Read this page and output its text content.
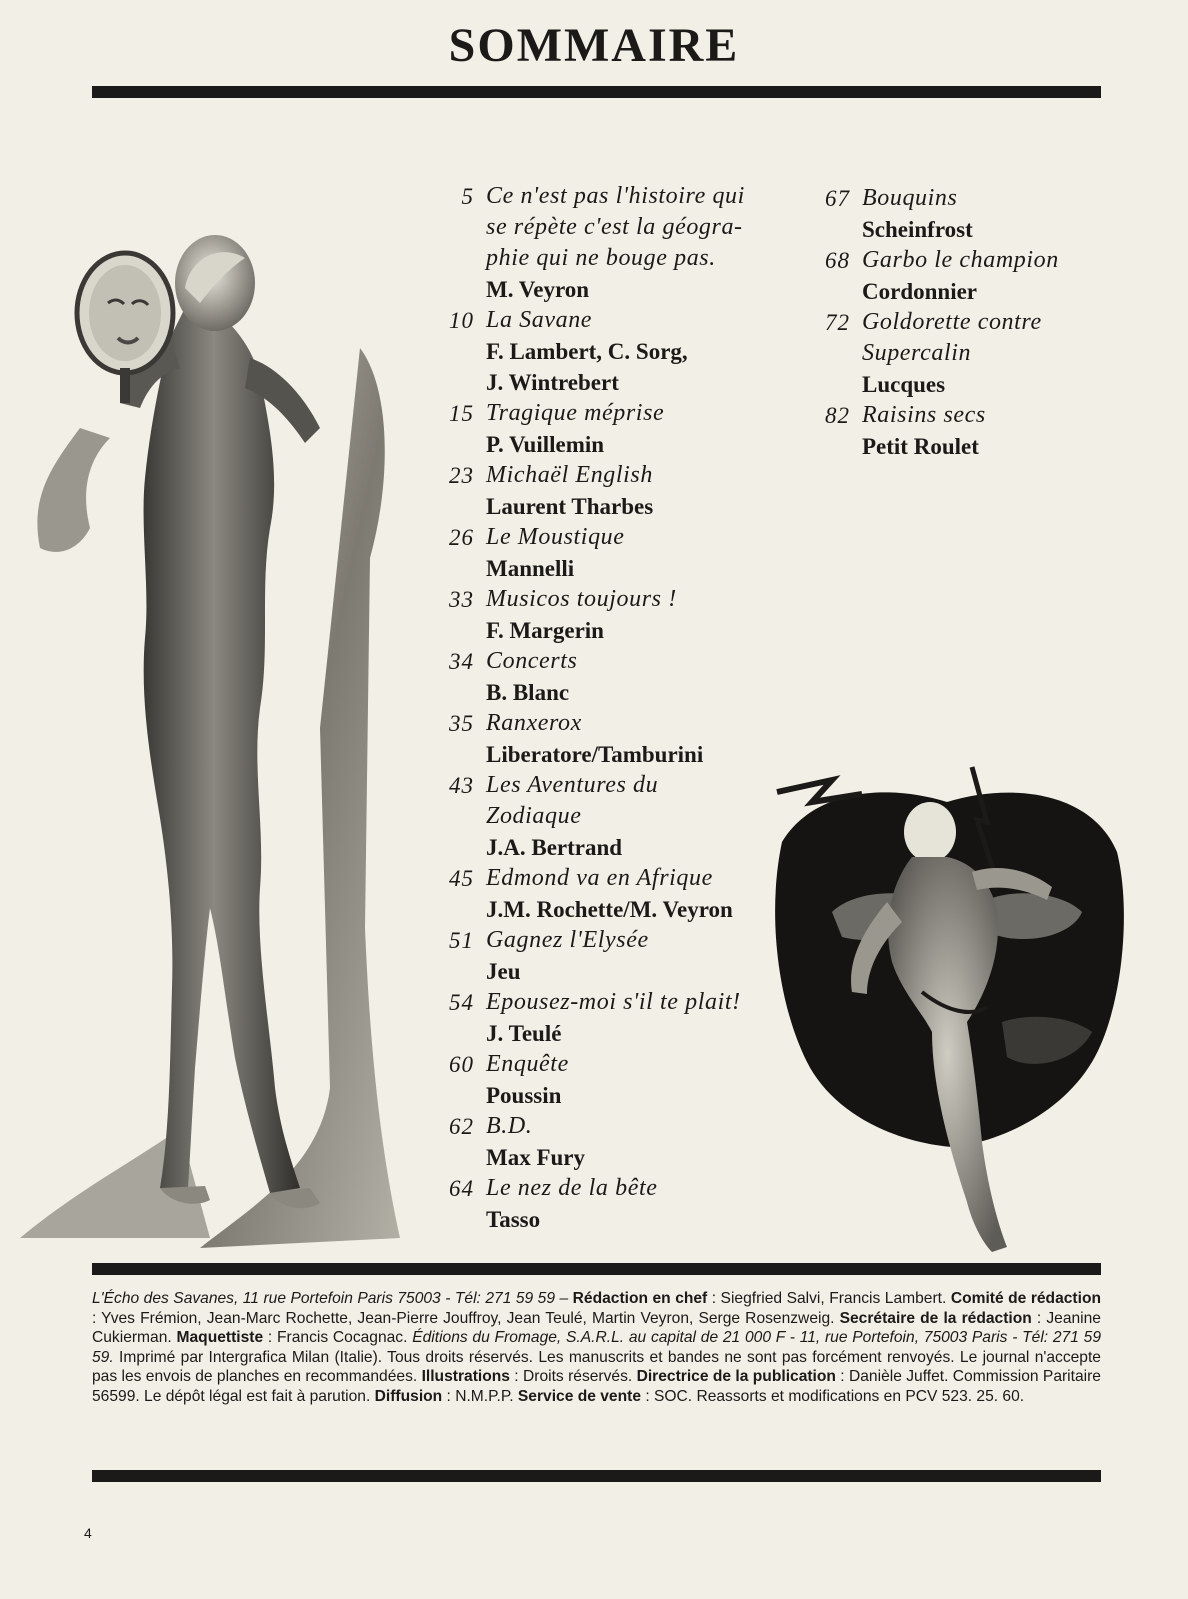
SOMMAIRE
5 Ce n'est pas l'histoire qui
se répète c'est la géogra-
phie qui ne bouge pas.
M. Veyron
10 La Savane
F. Lambert, C. Sorg,
J. Wintrebert
15 Tragique méprise
P. Vuillemin
23 Michaël English
Laurent Tharbes
26 Le Moustique
Mannelli
33 Musicos toujours !
F. Margerin
34 Concerts
B. Blanc
35 Ranxerox
Liberatore/Tamburini
43 Les Aventures du
Zodiaque
J.A. Bertrand
45 Edmond va en Afrique
J.M. Rochette/M. Veyron
51 Gagnez l'Elysée
Jeu
54 Epousez-moi s'il te plait!
J. Teulé
60 Enquête
Poussin
62 B.D.
Max Fury
64 Le nez de la bête
Tasso
67 Bouquins
Scheinfrost
68 Garbo le champion
Cordonnier
72 Goldorette contre
Supercalin
Lucques
82 Raisins secs
Petit Roulet
L'Écho des Savanes, 11 rue Portefoin Paris 75003 - Tél: 271 59 59 – Rédaction en chef : Siegfried Salvi, Francis Lambert. Comité de rédaction : Yves Frémion, Jean-Marc Rochette, Jean-Pierre Jouffroy, Jean Teulé, Martin Veyron, Serge Rosenzweig. Secrétaire de la rédaction : Jeanine Cukierman. Maquettiste : Francis Cocagnac. Éditions du Fromage, S.A.R.L. au capital de 21 000 F - 11, rue Portefoin, 75003 Paris - Tél: 271 59 59. Imprimé par Intergrafica Milan (Italie). Tous droits réservés. Les manuscrits et bandes ne sont pas forcément renvoyés. Le journal n'accepte pas les envois de planches en recommandées. Illustrations : Droits réservés. Directrice de la publication : Danièle Juffet. Commission Paritaire 56599. Le dépôt légal est fait à parution. Diffusion : N.M.P.P. Service de vente : SOC. Reassorts et modifications en PCV 523. 25. 60.
4
